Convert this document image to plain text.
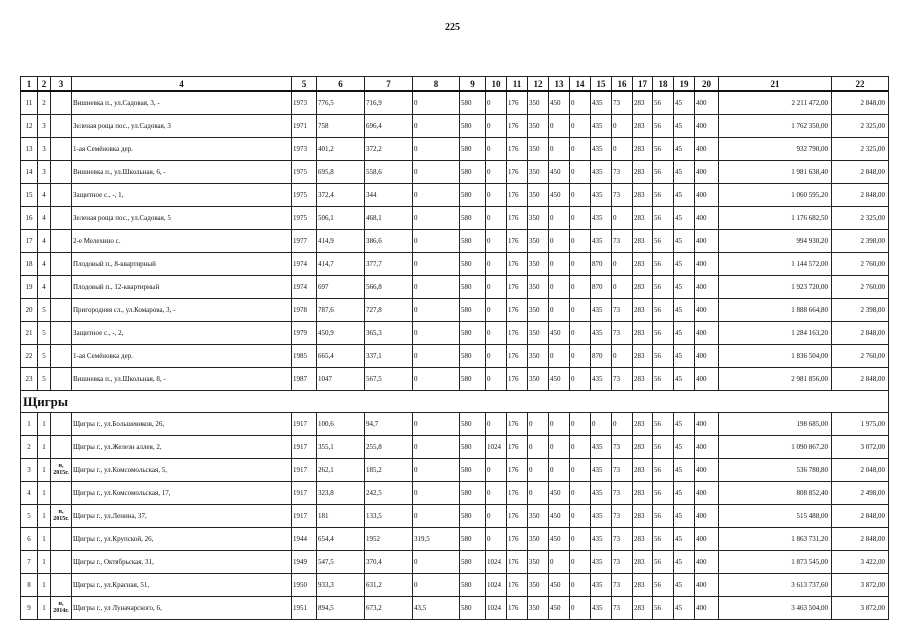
225
1	2	3	4	5	6	7	8	9	10	11	12	13	14	15	16	17	18	19	20	21	22
11	2		Вишневка п., ул.Садовая, 3, -	1973	776,5	716,9	0	580	0	176	350	450	0	435	73	283	56	45	400	2 211 472,00	2 848,00
12	3		Зеленая роща пос., ул.Садовая, 3	1971	758	696,4	0	580	0	176	350	0	0	435	0	283	56	45	400	1 762 350,00	2 325,00
13	3		1-ая Семёновка дер.	1973	401,2	372,2	0	580	0	176	350	0	0	435	0	283	56	45	400	932 790,00	2 325,00
14	3		Вишневка п., ул.Школьная, 6, -	1975	695,8	558,6	0	580	0	176	350	450	0	435	73	283	56	45	400	1 981 638,40	2 848,00
15	4		Защитное с., -, 1,	1975	372,4	344	0	580	0	176	350	450	0	435	73	283	56	45	400	1 060 595,20	2 848,00
16	4		Зеленая роща пос., ул.Садовая, 5	1975	506,1	468,1	0	580	0	176	350	0	0	435	0	283	56	45	400	1 176 682,50	2 325,00
17	4		2-е Мелехино с.	1977	414,9	386,6	0	580	0	176	350	0	0	435	73	283	56	45	400	994 930,20	2 398,00
18	4		Плодовый п., 8-квартирный	1974	414,7	377,7	0	580	0	176	350	0	0	870	0	283	56	45	400	1 144 572,00	2 760,00
19	4		Плодовый п., 12-квартирный	1974	697	566,8	0	580	0	176	350	0	0	870	0	283	56	45	400	1 923 720,00	2 760,00
20	5		Пригородняя сл., ул.Комарова, 3, -	1978	787,6	727,8	0	580	0	176	350	0	0	435	73	283	56	45	400	1 888 664,80	2 398,00
21	5		Защитное с., -, 2,	1979	450,9	365,3	0	580	0	176	350	450	0	435	73	283	56	45	400	1 284 163,20	2 848,00
22	5		1-ая Семёновка дер.	1985	665,4	337,1	0	580	0	176	350	0	0	870	0	283	56	45	400	1 836 504,00	2 760,00
23	5		Вишневка п., ул.Школьная, 8, -	1987	1047	567,5	0	580	0	176	350	450	0	435	73	283	56	45	400	2 981 856,00	2 848,00
Щигры																					
1	1		Щигры г., ул.Большевиков, 26,	1917	100,6	94,7	0	580	0	176	0	0	0	0	0	283	56	45	400	198 685,00	1 975,00
2	1		Щигры г., ул.Железн аллея, 2,	1917	355,1	255,8	0	580	1024	176	0	0	0	435	73	283	56	45	400	1 090 867,20	3 072,00
3	1	н, 2015г.	Щигры г., ул.Комсомольская, 5,	1917	262,1	185,2	0	580	0	176	0	0	0	435	73	283	56	45	400	536 780,80	2 048,00
4	1		Щигры г., ул.Комсомольская, 17,	1917	323,8	242,5	0	580	0	176	0	450	0	435	73	283	56	45	400	808 852,40	2 498,00
5	1	н, 2015г.	Щигры г., ул.Ленина, 37,	1917	181	133,5	0	580	0	176	350	450	0	435	73	283	56	45	400	515 488,00	2 848,00
6	1		Щигры г., ул.Крупской, 26,	1944	654,4	1952	319,5	580	0	176	350	450	0	435	73	283	56	45	400	1 863 731,20	2 848,00
7	1		Щигры г., Октябрьская, 31,	1949	547,5	370,4	0	580	1024	176	350	0	0	435	73	283	56	45	400	1 873 545,00	3 422,00
8	1		Щигры г., ул.Красная, 51,	1950	933,3	631,2	0	580	1024	176	350	450	0	435	73	283	56	45	400	3 613 737,60	3 872,00
9	1	н, 2014г.	Щигры г., ул Луначарского, 6,	1951	894,5	673,2	43,5	580	1024	176	350	450	0	435	73	283	56	45	400	3 463 504,00	3 872,00
